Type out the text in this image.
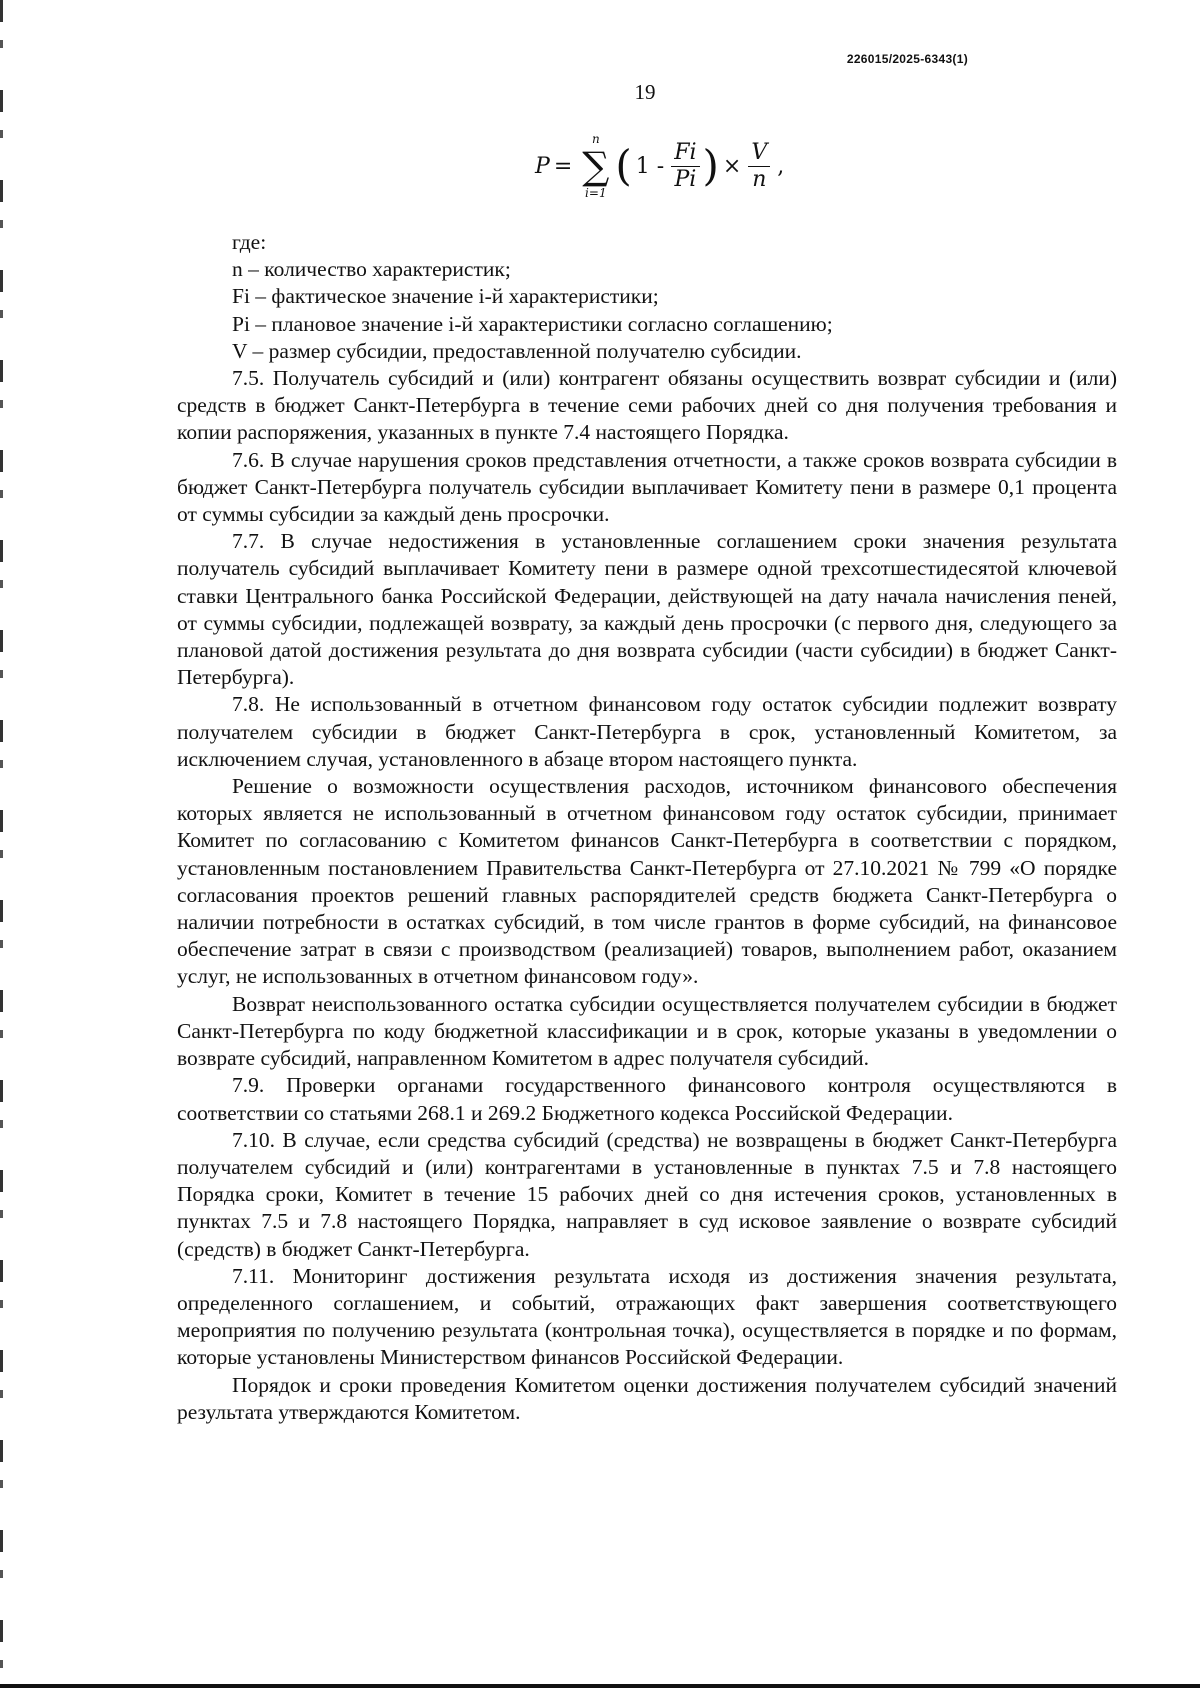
226015/2025-6343(1)
19
P =
n
∑
i=1
( $1 - \frac{Fi}{Pi}$ ) × $\frac{V}{n}$ ,

где:

n – количество характеристик;

Fi – фактическое значение i-й характеристики;

Pi – плановое значение i-й характеристики согласно соглашению;

V – размер субсидии, предоставленной получателю субсидии.

7.5. Получатель субсидий и (или) контрагент обязаны осуществить возврат субсидии и (или) средств в бюджет Санкт-Петербурга в течение семи рабочих дней со дня получения требования и копии распоряжения, указанных в пункте 7.4 настоящего Порядка.

7.6. В случае нарушения сроков представления отчетности, а также сроков возврата субсидии в бюджет Санкт-Петербурга получатель субсидии выплачивает Комитету пени в размере 0,1 процента от суммы субсидии за каждый день просрочки.

7.7. В случае недостижения в установленные соглашением сроки значения результата получатель субсидий выплачивает Комитету пени в размере одной трехсотшестидесятой ключевой ставки Центрального банка Российской Федерации, действующей на дату начала начисления пеней, от суммы субсидии, подлежащей возврату, за каждый день просрочки (с первого дня, следующего за плановой датой достижения результата до дня возврата субсидии (части субсидии) в бюджет Санкт-Петербурга).

7.8. Не использованный в отчетном финансовом году остаток субсидии подлежит возврату получателем субсидии в бюджет Санкт-Петербурга в срок, установленный Комитетом, за исключением случая, установленного в абзаце втором настоящего пункта.

Решение о возможности осуществления расходов, источником финансового обеспечения которых является не использованный в отчетном финансовом году остаток субсидии, принимает Комитет по согласованию с Комитетом финансов Санкт-Петербурга в соответствии с порядком, установленным постановлением Правительства Санкт-Петербурга от 27.10.2021 № 799 «О порядке согласования проектов решений главных распорядителей средств бюджета Санкт-Петербурга о наличии потребности в остатках субсидий, в том числе грантов в форме субсидий, на финансовое обеспечение затрат в связи с производством (реализацией) товаров, выполнением работ, оказанием услуг, не использованных в отчетном финансовом году».

Возврат неиспользованного остатка субсидии осуществляется получателем субсидии в бюджет Санкт-Петербурга по коду бюджетной классификации и в срок, которые указаны в уведомлении о возврате субсидий, направленном Комитетом в адрес получателя субсидий.

7.9. Проверки органами государственного финансового контроля осуществляются в соответствии со статьями 268.1 и 269.2 Бюджетного кодекса Российской Федерации.

7.10. В случае, если средства субсидий (средства) не возвращены в бюджет Санкт-Петербурга получателем субсидий и (или) контрагентами в установленные в пунктах 7.5 и 7.8 настоящего Порядка сроки, Комитет в течение 15 рабочих дней со дня истечения сроков, установленных в пунктах 7.5 и 7.8 настоящего Порядка, направляет в суд исковое заявление о возврате субсидий (средств) в бюджет Санкт-Петербурга.

7.11. Мониторинг достижения результата исходя из достижения значения результата, определенного соглашением, и событий, отражающих факт завершения соответствующего мероприятия по получению результата (контрольная точка), осуществляется в порядке и по формам, которые установлены Министерством финансов Российской Федерации.

Порядок и сроки проведения Комитетом оценки достижения получателем субсидий значений результата утверждаются Комитетом.
